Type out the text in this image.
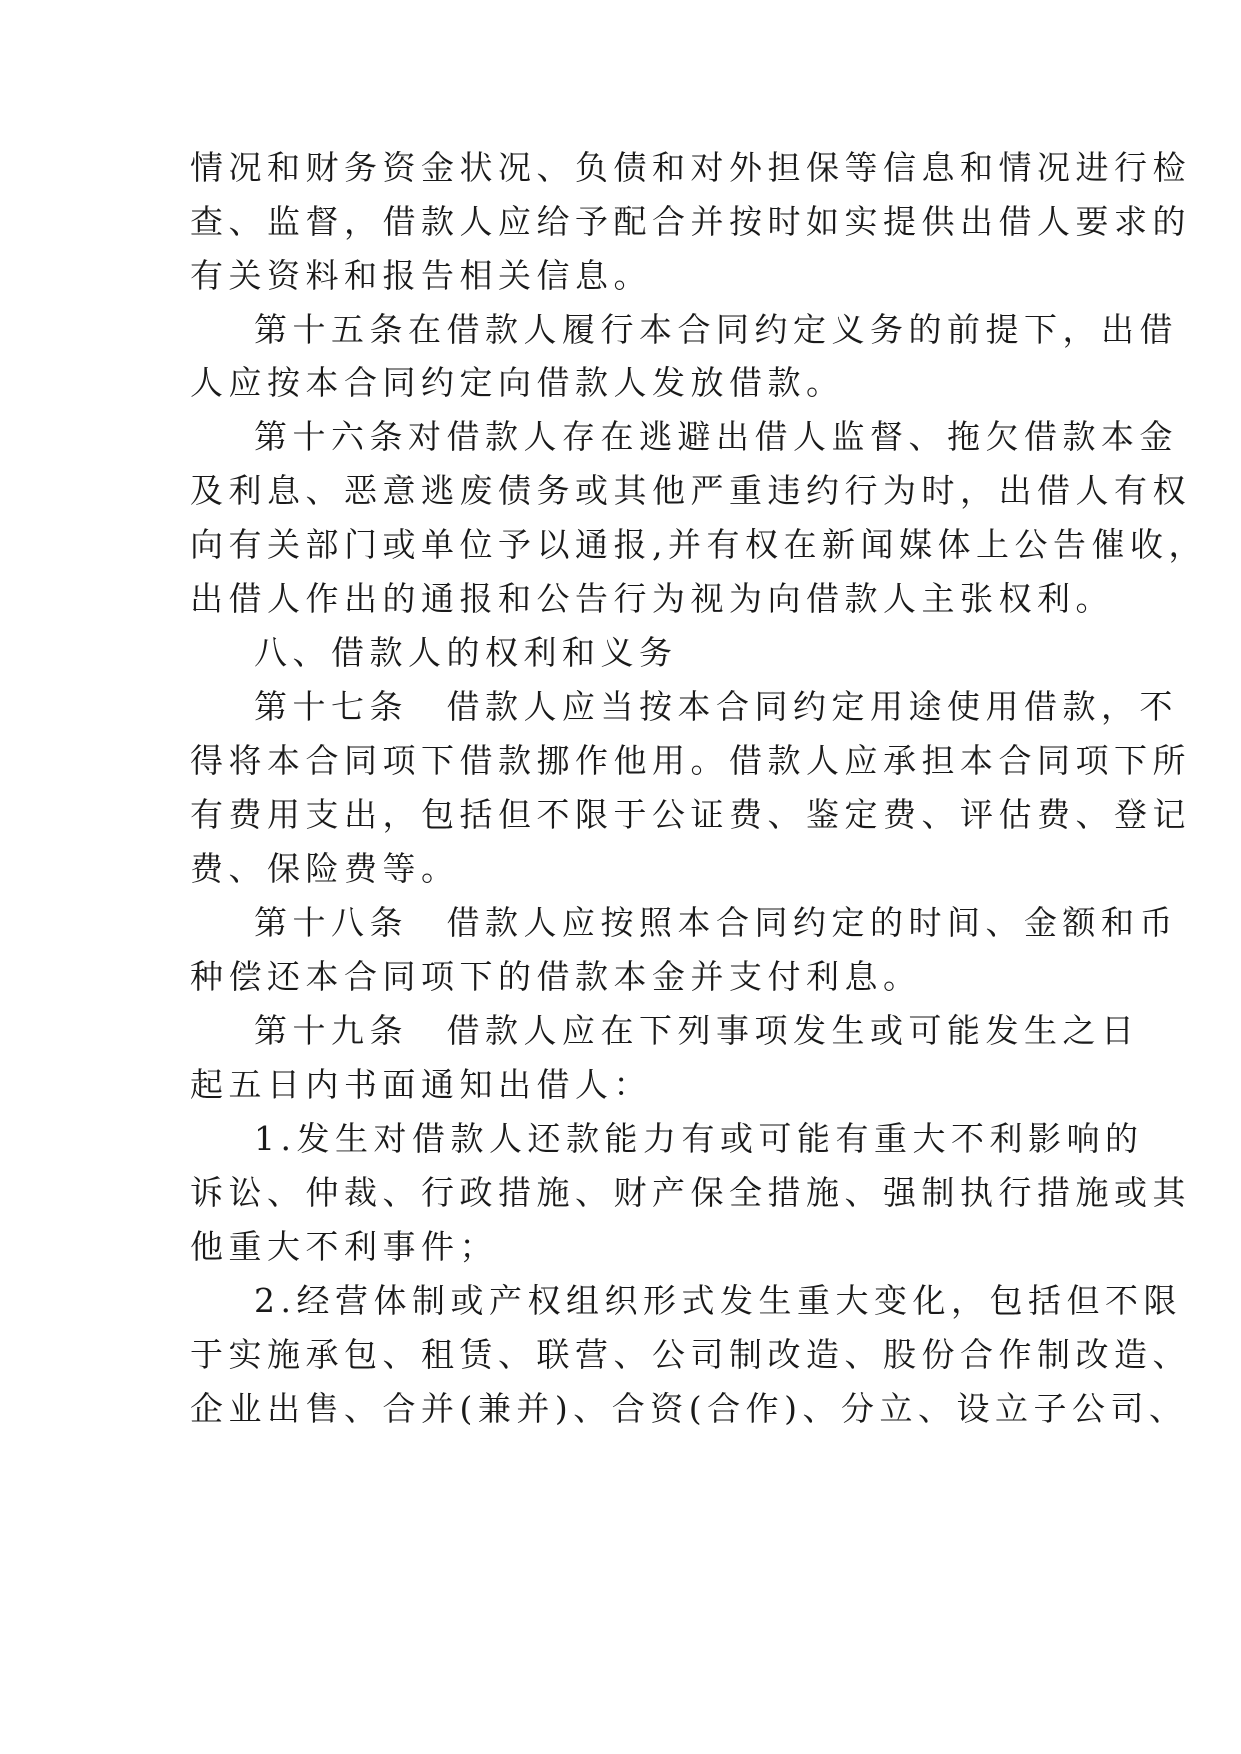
情况和财务资金状况、负债和对外担保等信息和情况进行检
查、监督，借款人应给予配合并按时如实提供出借人要求的
有关资料和报告相关信息。
第十五条在借款人履行本合同约定义务的前提下，出借
人应按本合同约定向借款人发放借款。
第十六条对借款人存在逃避出借人监督、拖欠借款本金
及利息、恶意逃废债务或其他严重违约行为时，出借人有权
向有关部门或单位予以通报,并有权在新闻媒体上公告催收，
出借人作出的通报和公告行为视为向借款人主张权利。
八、借款人的权利和义务
第十七条　借款人应当按本合同约定用途使用借款，不
得将本合同项下借款挪作他用。借款人应承担本合同项下所
有费用支出，包括但不限于公证费、鉴定费、评估费、登记
费、保险费等。
第十八条　借款人应按照本合同约定的时间、金额和币
种偿还本合同项下的借款本金并支付利息。
第十九条　借款人应在下列事项发生或可能发生之日
起五日内书面通知出借人：
1.发生对借款人还款能力有或可能有重大不利影响的
诉讼、仲裁、行政措施、财产保全措施、强制执行措施或其
他重大不利事件；
2.经营体制或产权组织形式发生重大变化，包括但不限
于实施承包、租赁、联营、公司制改造、股份合作制改造、
企业出售、合并(兼并)、合资(合作)、分立、设立子公司、
